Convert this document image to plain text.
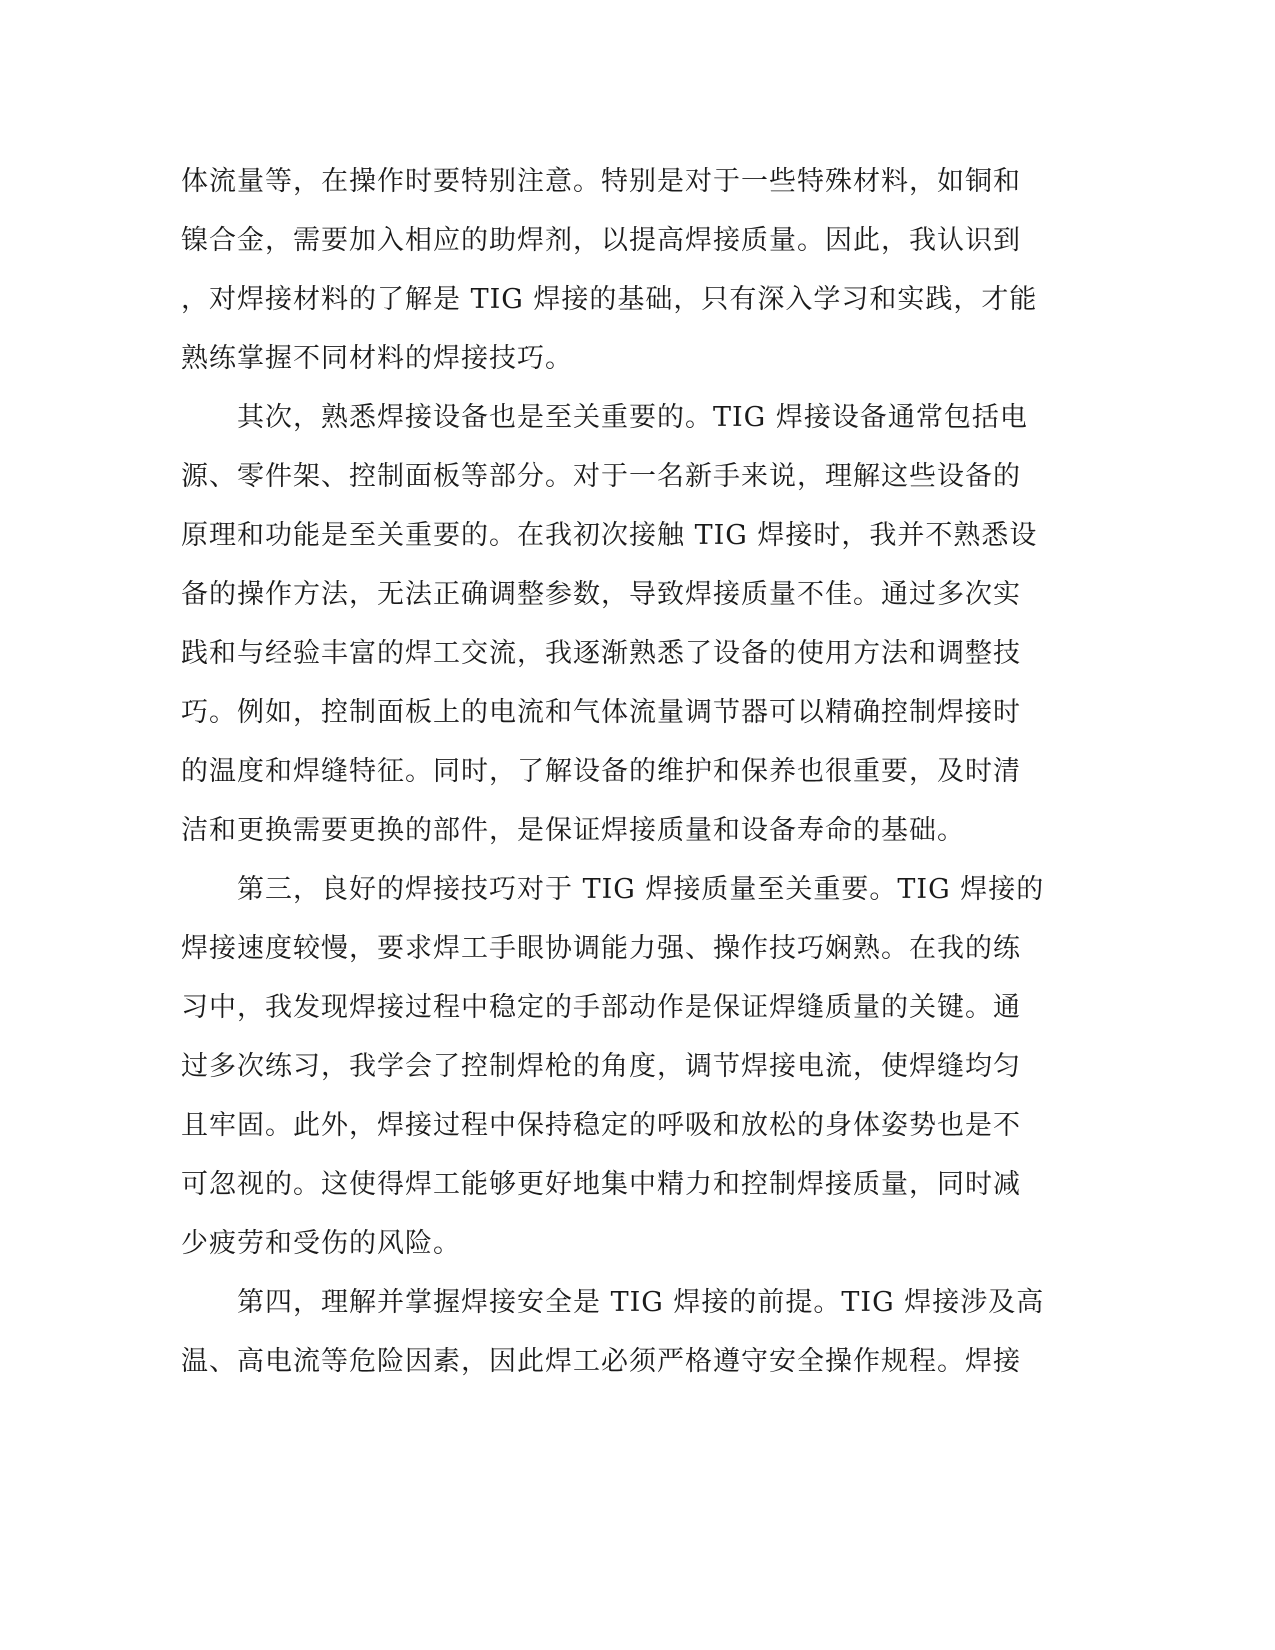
体流量等，在操作时要特别注意。特别是对于一些特殊材料，如铜和
镍合金，需要加入相应的助焊剂，以提高焊接质量。因此，我认识到
，对焊接材料的了解是 TIG 焊接的基础，只有深入学习和实践，才能
熟练掌握不同材料的焊接技巧。
　　其次，熟悉焊接设备也是至关重要的。TIG 焊接设备通常包括电
源、零件架、控制面板等部分。对于一名新手来说，理解这些设备的
原理和功能是至关重要的。在我初次接触 TIG 焊接时，我并不熟悉设
备的操作方法，无法正确调整参数，导致焊接质量不佳。通过多次实
践和与经验丰富的焊工交流，我逐渐熟悉了设备的使用方法和调整技
巧。例如，控制面板上的电流和气体流量调节器可以精确控制焊接时
的温度和焊缝特征。同时，了解设备的维护和保养也很重要，及时清
洁和更换需要更换的部件，是保证焊接质量和设备寿命的基础。
　　第三，良好的焊接技巧对于 TIG 焊接质量至关重要。TIG 焊接的
焊接速度较慢，要求焊工手眼协调能力强、操作技巧娴熟。在我的练
习中，我发现焊接过程中稳定的手部动作是保证焊缝质量的关键。通
过多次练习，我学会了控制焊枪的角度，调节焊接电流，使焊缝均匀
且牢固。此外，焊接过程中保持稳定的呼吸和放松的身体姿势也是不
可忽视的。这使得焊工能够更好地集中精力和控制焊接质量，同时减
少疲劳和受伤的风险。
　　第四，理解并掌握焊接安全是 TIG 焊接的前提。TIG 焊接涉及高
温、高电流等危险因素，因此焊工必须严格遵守安全操作规程。焊接
